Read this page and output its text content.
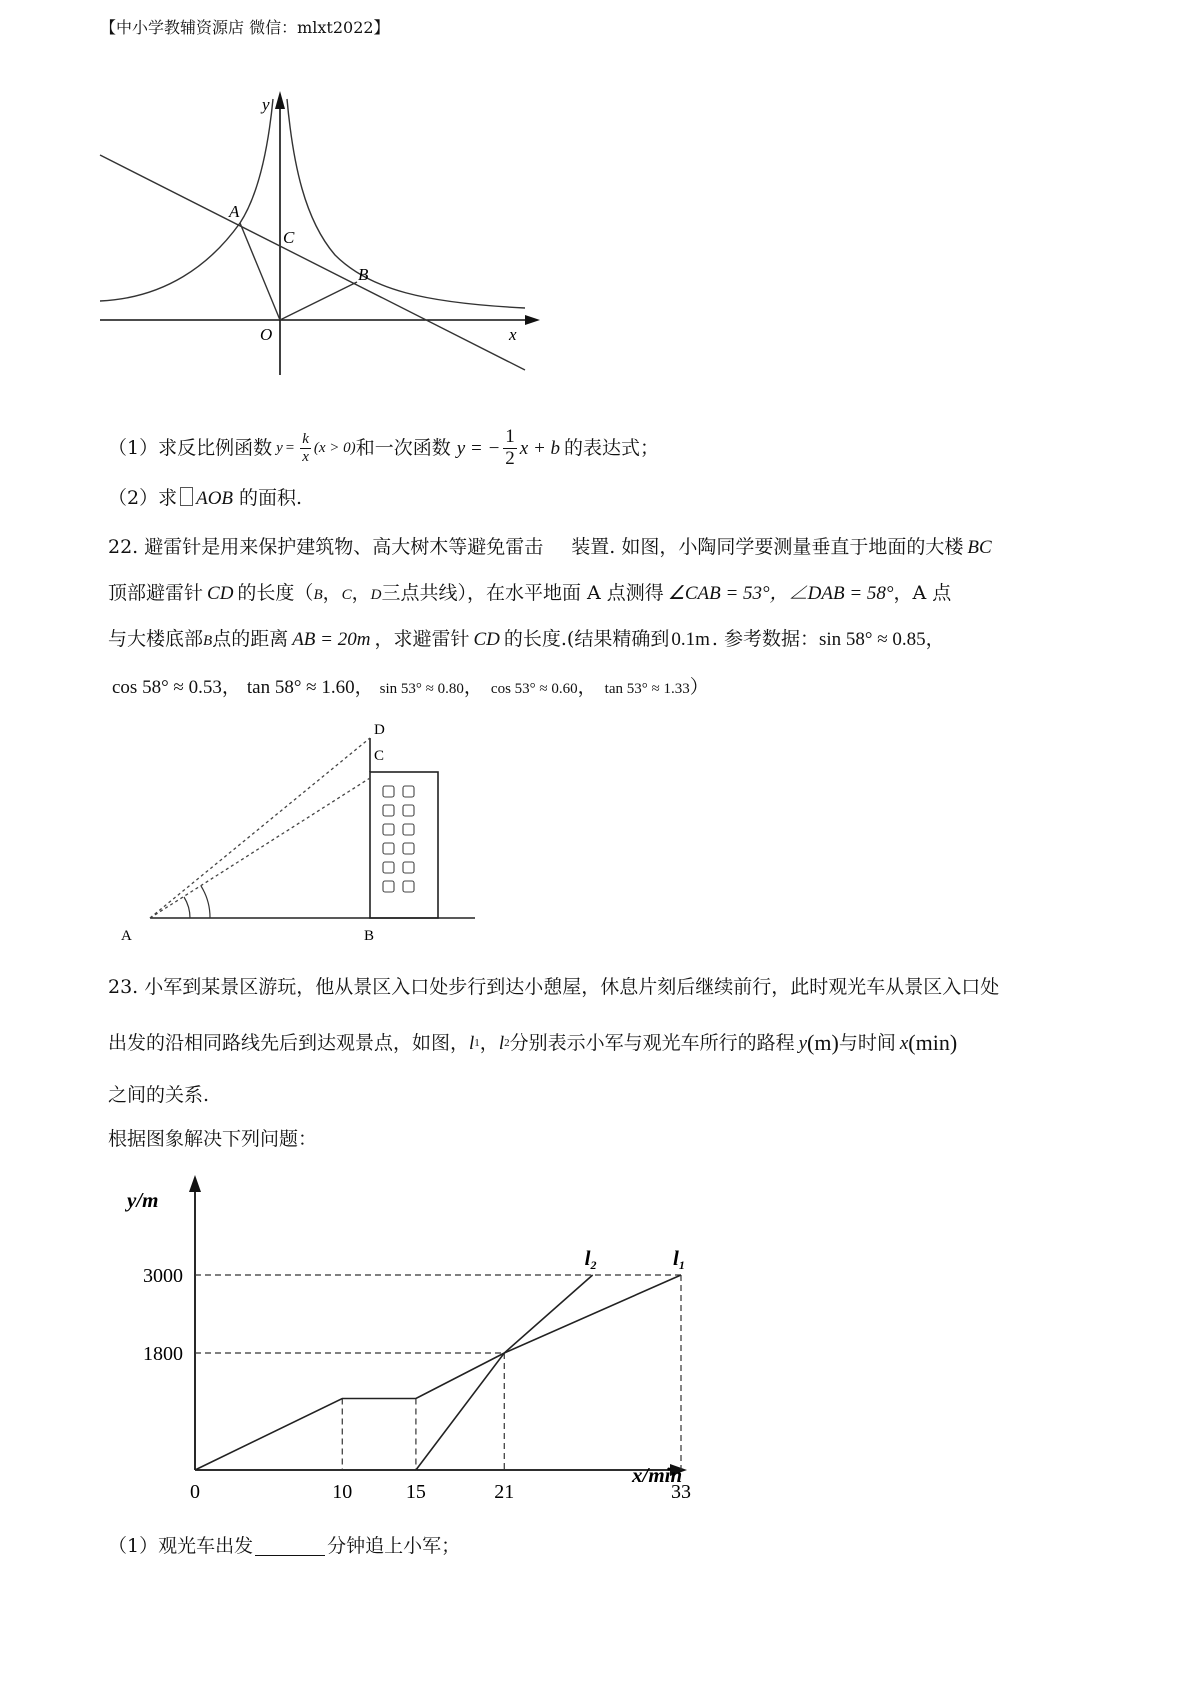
【中小学教辅资源店 微信：mlxt2022】
y
x
A
C
B
O
（1）求反比例函数 $y = \frac{k}{x} (x > 0)$ 和一次函数 y = − $\frac{1}{2}$ x + b 的表达式；
（2）求 AOB 的面积.
22. 避雷针是用来保护建筑物、高大树木等避免雷击 装置. 如图，小陶同学要测量垂直于地面的大楼 BC
顶部避雷针 CD 的长度（B，C，D三点共线），在水平地面 A 点测得 ∠CAB = 53°，∠DAB = 58°，A 点
与大楼底部B点的距离 AB = 20m ，求避雷针 CD 的长度.(结果精确到 0.1m . 参考数据：sin 58° ≈ 0.85，
cos 58° ≈ 0.53， tan 58° ≈ 1.60， sin 53° ≈ 0.80， cos 53° ≈ 0.60， tan 53° ≈ 1.33）
A	B
C
D
23. 小军到某景区游玩，他从景区入口处步行到达小憩屋，休息片刻后继续前行，此时观光车从景区入口处
出发的沿相同路线先后到达观景点，如图， l 1 ， l 2 分别表示小军与观光车所行的路程 y (m) 与时间 x (min)
之间的关系.
根据图象解决下列问题：
y/m
x/min
1800
3000
0	10	15	21	33
l1
l2
（1）观光车出发	分钟追上小军；
